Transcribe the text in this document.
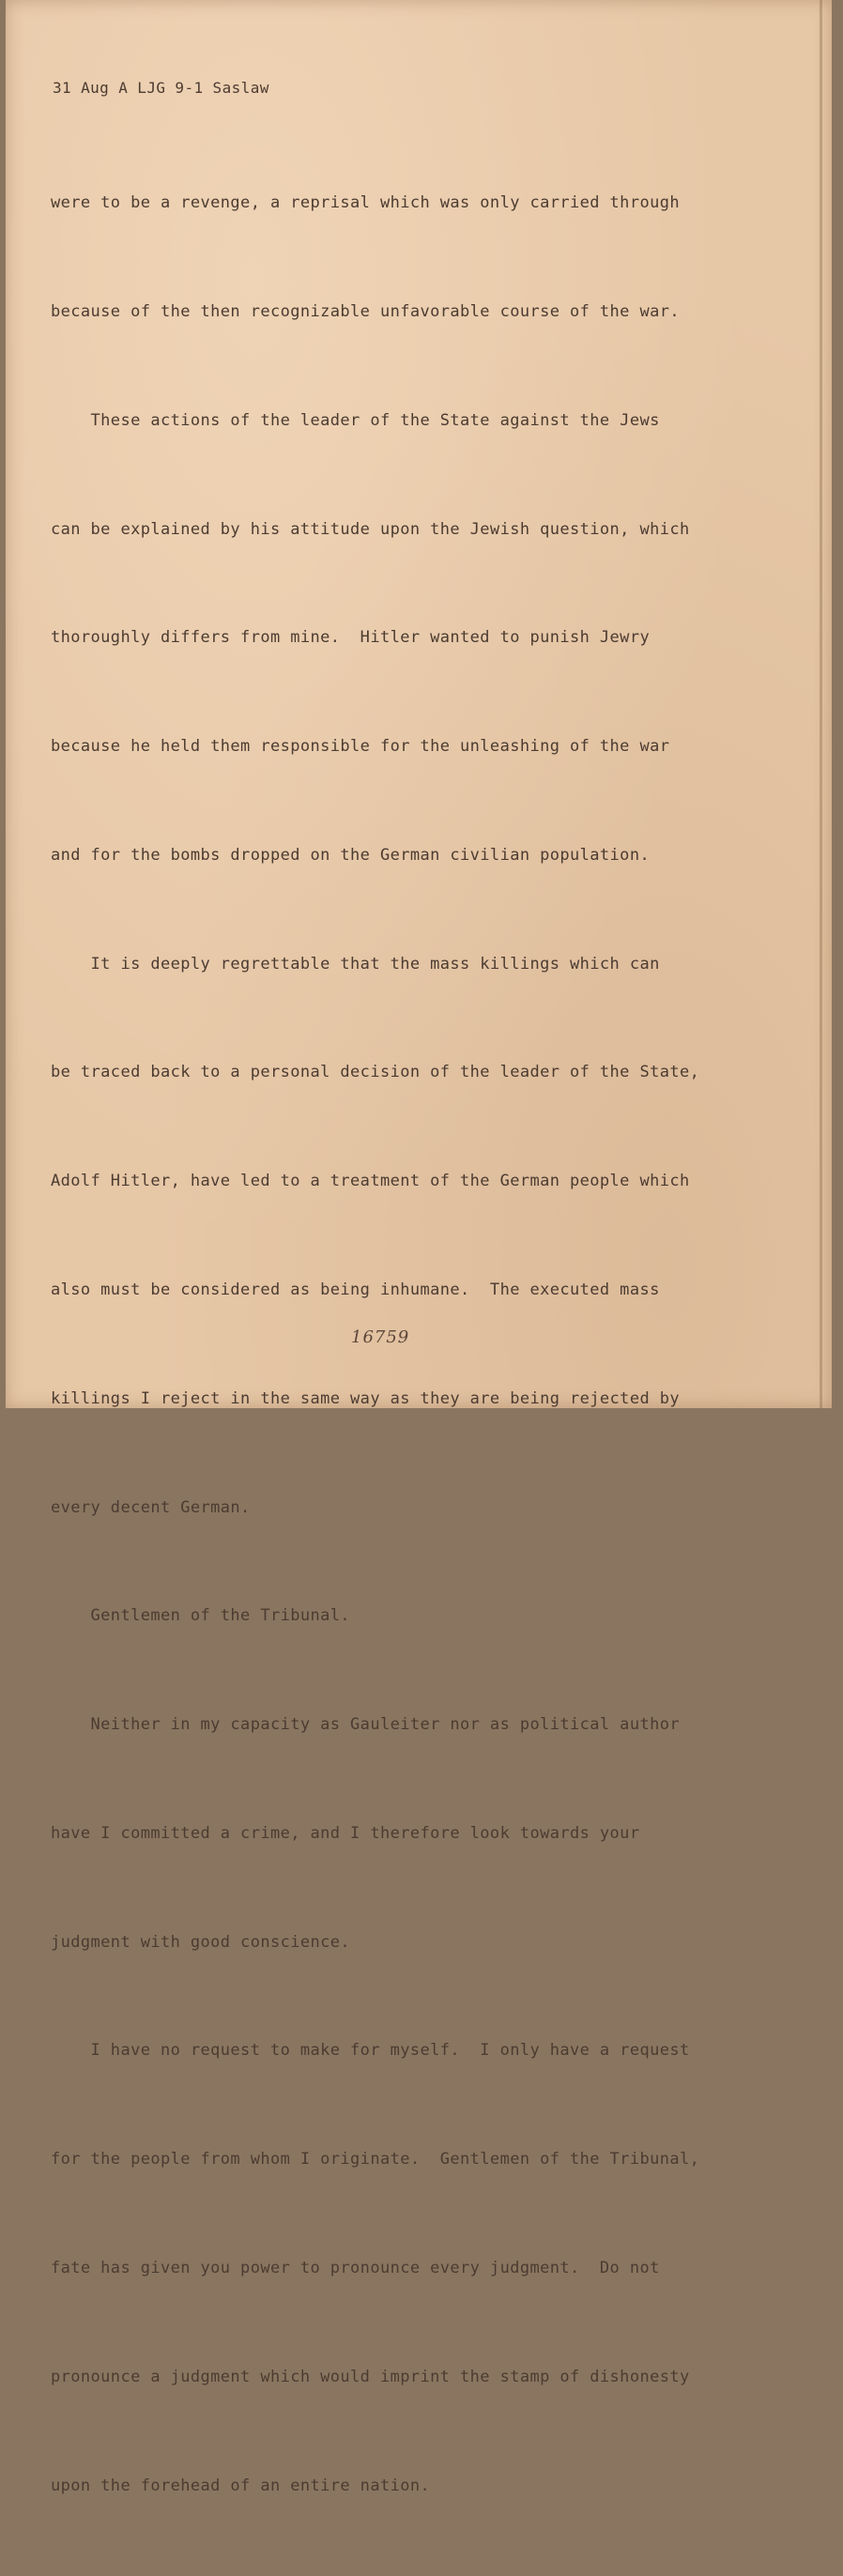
31 Aug A LJG 9-1 Saslaw

were to be a revenge, a reprisal which was only carried through

because of the then recognizable unfavorable course of the war.

These actions of the leader of the State against the Jews

can be explained by his attitude upon the Jewish question, which

thoroughly differs from mine.  Hitler wanted to punish Jewry

because he held them responsible for the unleashing of the war

and for the bombs dropped on the German civilian population.

It is deeply regrettable that the mass killings which can

be traced back to a personal decision of the leader of the State,

Adolf Hitler, have led to a treatment of the German people which

also must be considered as being inhumane.  The executed mass

killings I reject in the same way as they are being rejected by

every decent German.

Gentlemen of the Tribunal.

Neither in my capacity as Gauleiter nor as political author

have I committed a crime, and I therefore look towards your

judgment with good conscience.

I have no request to make for myself.  I only have a request

for the people from whom I originate.  Gentlemen of the Tribunal,

fate has given you power to pronounce every judgment.  Do not

pronounce a judgment which would imprint the stamp of dishonesty

upon the forehead of an entire nation.

16759
